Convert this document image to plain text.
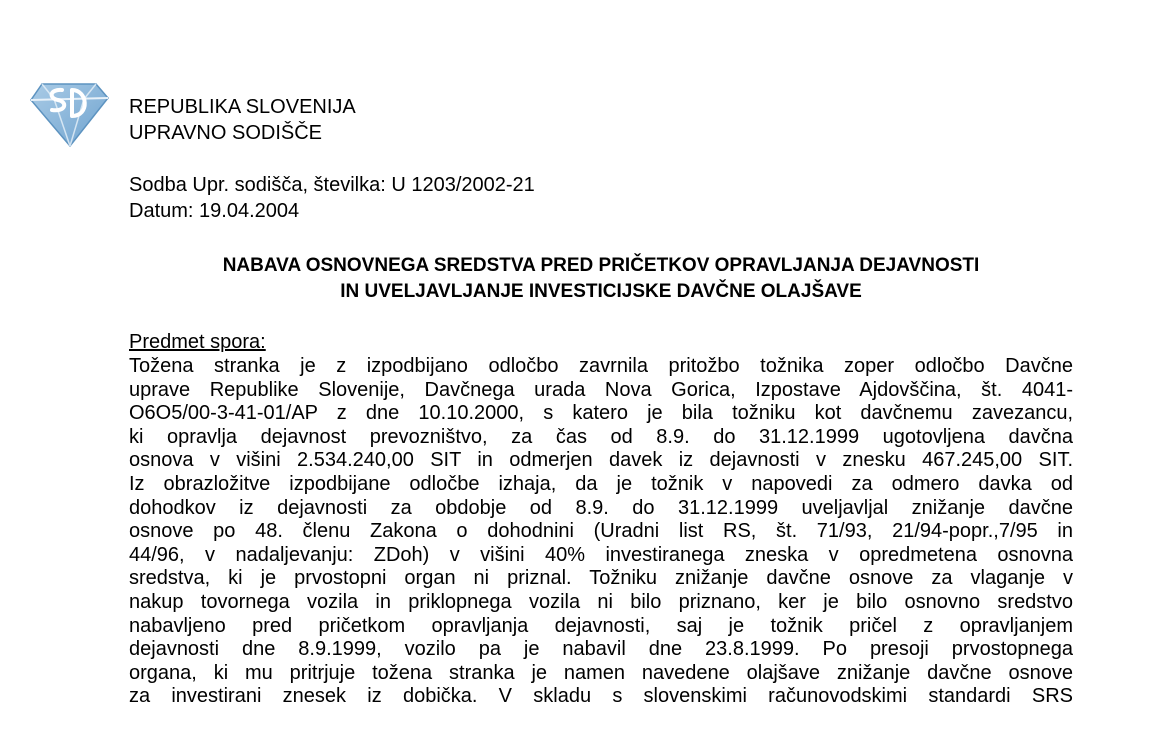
REPUBLIKA SLOVENIJA
UPRAVNO SODIŠČE
Sodba Upr. sodišča, številka: U 1203/2002-21
Datum: 19.04.2004
NABAVA OSNOVNEGA SREDSTVA PRED PRIČETKOV OPRAVLJANJA DEJAVNOSTI
IN UVELJAVLJANJE INVESTICIJSKE DAVČNE OLAJŠAVE
Predmet spora:
Tožena stranka je z izpodbijano odločbo zavrnila pritožbo tožnika zoper odločbo Davčne
uprave Republike Slovenije, Davčnega urada Nova Gorica, Izpostave Ajdovščina, št. 4041-
O6O5/00-3-41-01/AP z dne 10.10.2000, s katero je bila tožniku kot davčnemu zavezancu,
ki opravlja dejavnost prevozništvo, za čas od 8.9. do 31.12.1999 ugotovljena davčna
osnova v višini 2.534.240,00 SIT in odmerjen davek iz dejavnosti v znesku 467.245,00 SIT.
Iz obrazložitve izpodbijane odločbe izhaja, da je tožnik v napovedi za odmero davka od
dohodkov iz dejavnosti za obdobje od 8.9. do 31.12.1999 uveljavljal znižanje davčne
osnove po 48. členu Zakona o dohodnini (Uradni list RS, št. 71/93, 21/94-popr.,7/95 in
44/96, v nadaljevanju: ZDoh) v višini 40% investiranega zneska v opredmetena osnovna
sredstva, ki je prvostopni organ ni priznal. Tožniku znižanje davčne osnove za vlaganje v
nakup tovornega vozila in priklopnega vozila ni bilo priznano, ker je bilo osnovno sredstvo
nabavljeno pred pričetkom opravljanja dejavnosti, saj je tožnik pričel z opravljanjem
dejavnosti dne 8.9.1999, vozilo pa je nabavil dne 23.8.1999. Po presoji prvostopnega
organa, ki mu pritrjuje tožena stranka je namen navedene olajšave znižanje davčne osnove
za investirani znesek iz dobička. V skladu s slovenskimi računovodskimi standardi SRS
